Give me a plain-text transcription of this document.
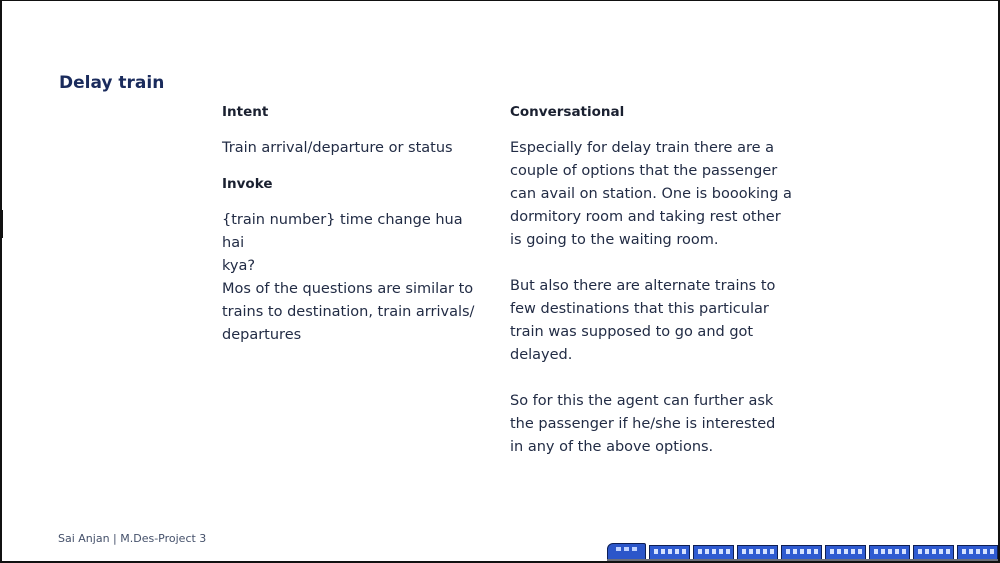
Delay train

Intent

Train arrival/departure or status

Invoke

{train number} time change hua hai

kya?

Mos of the questions are similar to

trains to destination, train arrivals/

departures

Conversational

Especially for delay train there are a

couple of options that the passenger

can avail on station. One is boooking a

dormitory room and taking rest other

is going to the waiting room.

But also there are alternate trains to

few destinations that this particular

train was supposed to go and got

delayed.

So for this the agent can further ask

the passenger if he/she is interested

in any of the above options.

Sai Anjan | M.Des-Project 3
